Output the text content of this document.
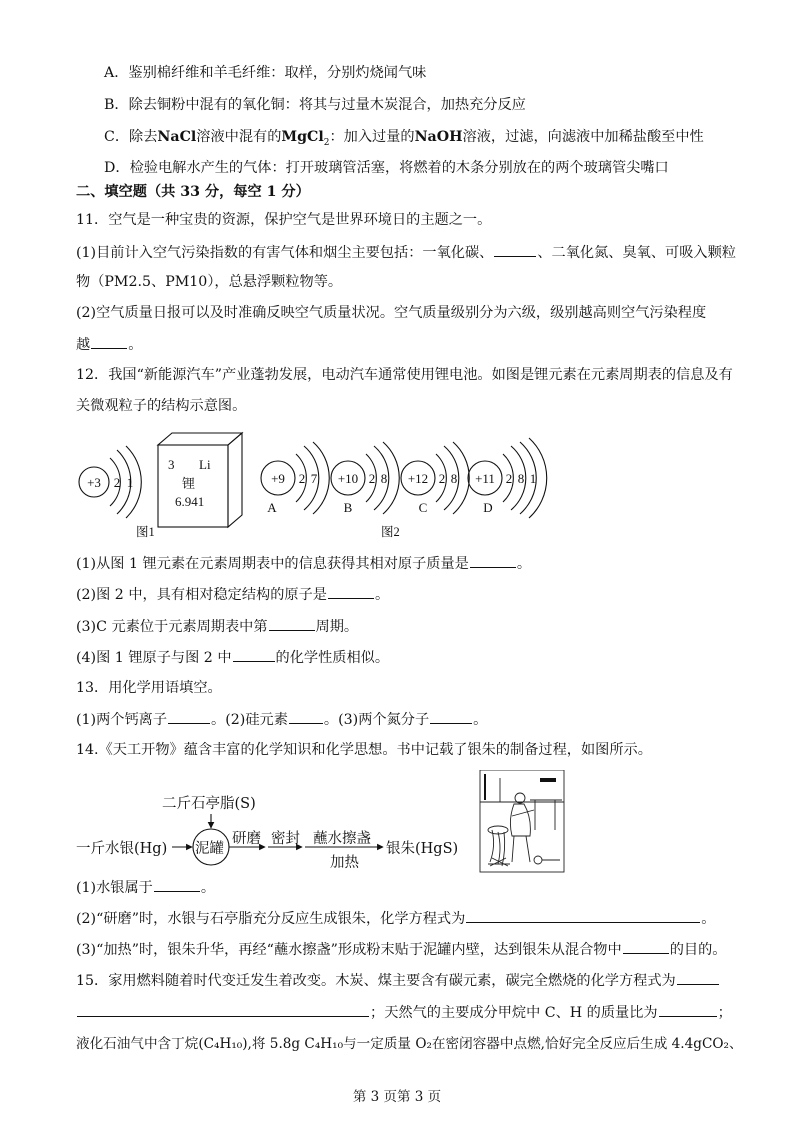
A．鉴别棉纤维和羊毛纤维：取样，分别灼烧闻气味
B．除去铜粉中混有的氧化铜：将其与过量木炭混合，加热充分反应
C．除去NaCl溶液中混有的MgCl$_2$：加入过量的NaOH溶液，过滤，向滤液中加稀盐酸至中性
D．检验电解水产生的气体：打开玻璃管活塞，将燃着的木条分别放在的两个玻璃管尖嘴口
二、填空题（共 33 分，每空 1 分）
11．空气是一种宝贵的资源，保护空气是世界环境日的主题之一。
(1)目前计入空气污染指数的有害气体和烟尘主要包括：一氧化碳、	、二氧化氮、臭氧、可吸入颗粒
物（PM2.5、PM10），总悬浮颗粒物等。
(2)空气质量日报可以及时准确反映空气质量状况。空气质量级别分为六级，级别越高则空气污染程度
越	。
12．我国“新能源汽车”产业蓬勃发展，电动汽车通常使用锂电池。如图是锂元素在元素周期表的信息及有
关微观粒子的结构示意图。
+3 2 1	+9 2 7 +10 2 8 +12 2 8 +11 2 8 1
A	B	C	D
3 Li
锂
6.941
图1	图2
(1)从图 1 锂元素在元素周期表中的信息获得其相对原子质量是	。
(2)图 2 中，具有相对稳定结构的原子是	。
(3)C 元素位于元素周期表中第	周期。
(4)图 1 锂原子与图 2 中	的化学性质相似。
13．用化学用语填空。
(1)两个钙离子	。(2)硅元素	。(3)两个氮分子	。
14.《天工开物》蕴含丰富的化学知识和化学思想。书中记载了银朱的制备过程，如图所示。
二斤石亭脂(S)
一斤水银(Hg) 泥罐
研磨 密封 蘸水擦盏
加热
银朱(HgS)
(1)水银属于	。
(2)“研磨”时，水银与石亭脂充分反应生成银朱，化学方程式为	。
(3)“加热”时，银朱升华，再经“蘸水擦盏”形成粉末贴于泥罐内壁，达到银朱从混合物中	的目的。
15．家用燃料随着时代变迁发生着改变。木炭、煤主要含有碳元素，碳完全燃烧的化学方程式为
；天然气的主要成分甲烷中 C、H 的质量比为	；
液化石油气中含丁烷(C₄H₁₀),将 5.8g C₄H₁₀与一定质量 O₂在密闭容器中点燃,恰好完全反应后生成 4.4gCO₂、
第 3 页第 3 页
